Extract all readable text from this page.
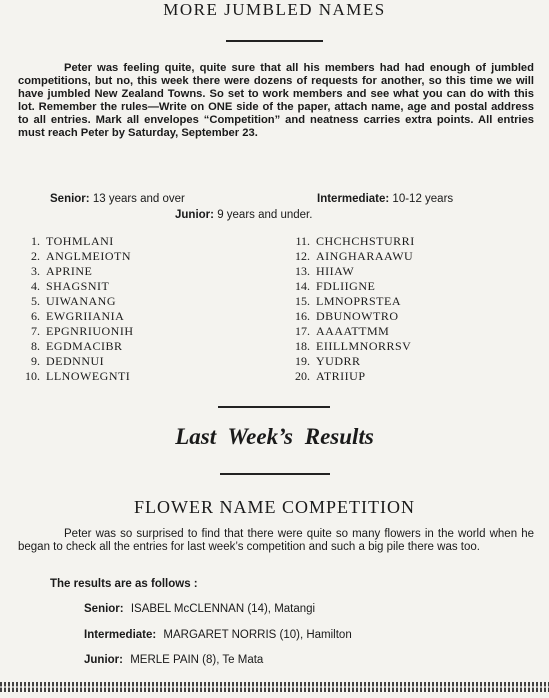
MORE JUMBLED NAMES
Peter was feeling quite, quite sure that all his members had had enough of jumbled competitions, but no, this week there were dozens of requests for another, so this time we will have jumbled New Zealand Towns. So set to work members and see what you can do with this lot. Remember the rules—Write on ONE side of the paper, attach name, age and postal address to all entries. Mark all envelopes “Competition” and neatness carries extra points. All entries must reach Peter by Saturday, September 23.
Senior: 13 years and over	Intermediate: 10-12 years
Junior: 9 years and under.
1. TOHMLANI
2. ANGLMEIOTN
3. APRINE
4. SHAGSNIT
5. UIWANANG
6. EWGRIIANIA
7. EPGNRIUONIH
8. EGDMACIBR
9. DEDNNUI
10. LLNOWEGNTI
11. CHCHCHSTURRI
12. AINGHARAAWU
13. HIIAW
14. FDLIIGNE
15. LMNOPRSTEA
16. DBUNOWTRO
17. AAAATTMM
18. EIILLMNORRSV
19. YUDRR
20. ATRIIUP
Last Week’s Results
FLOWER NAME COMPETITION
Peter was so surprised to find that there were quite so many flowers in the world when he began to check all the entries for last week’s competition and such a big pile there was too.
The results are as follows :
Senior: ISABEL McCLENNAN (14), Matangi
Intermediate: MARGARET NORRIS (10), Hamilton
Junior: MERLE PAIN (8), Te Mata
